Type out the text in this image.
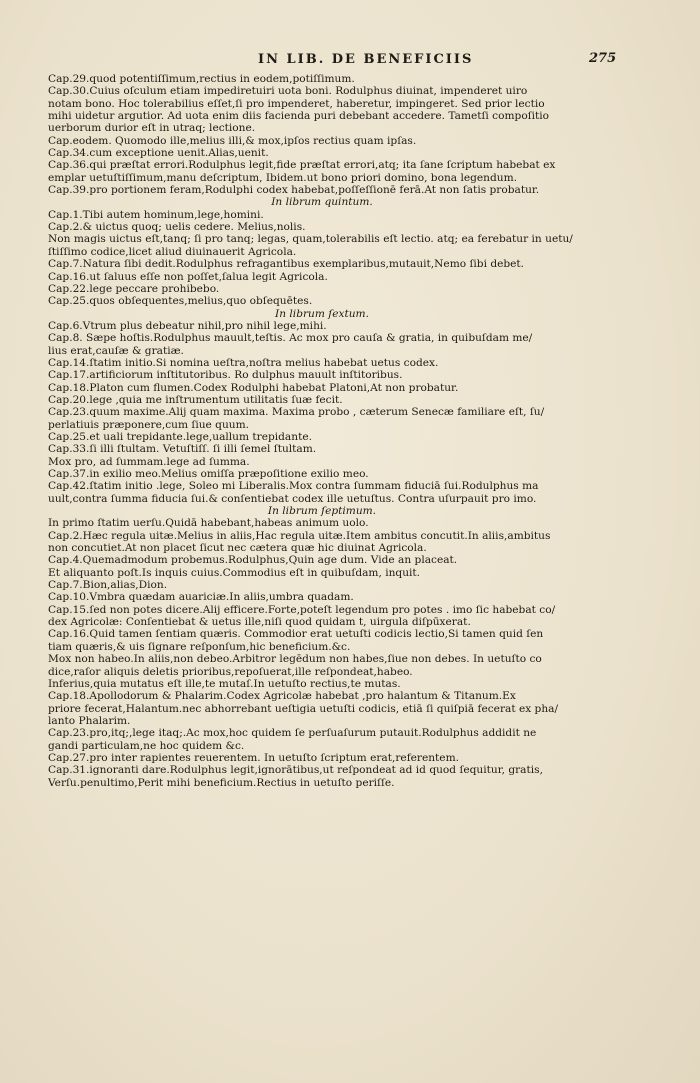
IN LIB. DE BENEFICIIS	275
Cap.29.quod potentiſſimum,rectius in eodem,potiſſimum.
Cap.30.Cuius oſculum etiam impediretuiri uota boni. Rodulphus diuinat, impenderet uiro
notam bono. Hoc tolerabilius eſſet,ſi pro impenderet, haberetur, impingeret. Sed prior lectio
mihi uidetur argutior. Ad uota enim diis facienda puri debebant accedere. Tametſi compoſitio
uerborum durior eſt in utraq; lectione.
Cap.eodem. Quomodo ille,melius illi,& mox,ipſos rectius quam ipſas.
Cap.34.cum exceptione uenit.Alias,uenit.
Cap.36.qui præſtat errori.Rodulphus legit,fide præſtat errori,atq; ita ſane ſcriptum habebat ex
emplar uetuſtiſſimum,manu deſcriptum, Ibidem.ut bono priori domino, bona legendum.
Cap.39.pro portionem feram,Rodulphi codex habebat,poſſeſſionē ferā.At non ſatis probatur.
In librum quintum.
Cap.1.Tibi autem hominum,lege,homini.
Cap.2.& uictus quoq; uelis cedere. Melius,nolis.
Non magis uictus eſt,tanq; ſi pro tanq; legas, quam,tolerabilis eſt lectio. atq; ea ferebatur in uetu/
ſtiſſimo codice,licet aliud diuinauerit Agricola.
Cap.7.Natura ſibi dedit.Rodulphus refragantibus exemplaribus,mutauit,Nemo ſibi debet.
Cap.16.ut ſaluus eſſe non poſſet,ſalua legit Agricola.
Cap.22.lege peccare prohibebo.
Cap.25.quos obſequentes,melius,quo obſequētes.
In librum ſextum.
Cap.6.Vtrum plus debeatur nihil,pro nihil lege,mihi.
Cap.8. Sæpe hoſtis.Rodulphus mauult,teſtis. Ac mox pro cauſa & gratia, in quibuſdam me/
lius erat,cauſæ & gratiæ.
Cap.14.ſtatim initio.Si nomina ueſtra,noſtra melius habebat uetus codex.
Cap.17.artificiorum inſtitutoribus. Ro dulphus mauult inſtitoribus.
Cap.18.Platon cum flumen.Codex Rodulphi habebat Platoni,At non probatur.
Cap.20.lege ,quia me inſtrumentum utilitatis ſuæ fecit.
Cap.23.quum maxime.Alij quam maxima. Maxima probo , cæterum Senecæ familiare eſt, ſu/
perlatiuis præponere,cum ſiue quum.
Cap.25.et uali trepidante.lege,uallum trepidante.
Cap.33.ſi illi ſtultam. Vetuſtiſſ. ſi illi ſemel ſtultam.
Mox pro, ad ſummam.lege ad ſumma.
Cap.37.in exilio meo.Melius omiſſa præpoſitione exilio meo.
Cap.42.ſtatim initio .lege, Soleo mi Liberalis.Mox contra ſummam fiduciā ſui.Rodulphus ma
uult,contra ſumma fiducia ſui.& conſentiebat codex ille uetuſtus. Contra uſurpauit pro imo.
In librum ſeptimum.
In primo ſtatim uerſu.Quidā habebant,habeas animum uolo.
Cap.2.Hæc regula uitæ.Melius in aliis,Hac regula uitæ.Item ambitus concutit.In aliis,ambitus
non concutiet.At non placet ſicut nec cætera quæ hic diuinat Agricola.
Cap.4.Quemadmodum probemus.Rodulphus,Quin age dum. Vide an placeat.
Et aliquanto poſt.Is inquis cuius.Commodius eſt in quibuſdam, inquit.
Cap.7.Bion,alias,Dion.
Cap.10.Vmbra quædam auariciæ.In aliis,umbra quadam.
Cap.15.ſed non potes dicere.Alij efficere.Forte,poteſt legendum pro potes . imo ſic habebat co/
dex Agricolæ: Conſentiebat & uetus ille,niſi quod quidam t, uirgula diſpūxerat.
Cap.16.Quid tamen ſentiam quæris. Commodior erat uetuſti codicis lectio,Si tamen quid ſen
tiam quæris,& uis ſignare reſponſum,hic beneficium.&c.
Mox non habeo.In aliis,non debeo.Arbitror legēdum non habes,ſiue non debes. In uetuſto co
dice,raſor aliquis deletis prioribus,repoſuerat,ille reſpondeat,habeo.
Inferius,quia mutatus eſt ille,te mutaſ.In uetuſto rectius,te mutas.
Cap.18.Apollodorum & Phalarim.Codex Agricolæ habebat ,pro halantum & Titanum.Ex
priore fecerat,Halantum.nec abhorrebant ueſtigia uetuſti codicis, etiā ſi quiſpiā fecerat ex pha/
lanto Phalarim.
Cap.23.pro,itq;,lege itaq;.Ac mox,hoc quidem ſe perſuaſurum putauit.Rodulphus addidit ne
gandi particulam,ne hoc quidem &c.
Cap.27.pro inter rapientes reuerentem. In uetuſto ſcriptum erat,referentem.
Cap.31.ignoranti dare.Rodulphus legit,ignorātibus,ut reſpondeat ad id quod ſequitur, gratis,
Verſu.penultimo,Perit mihi beneficium.Rectius in uetuſto periſſe.
